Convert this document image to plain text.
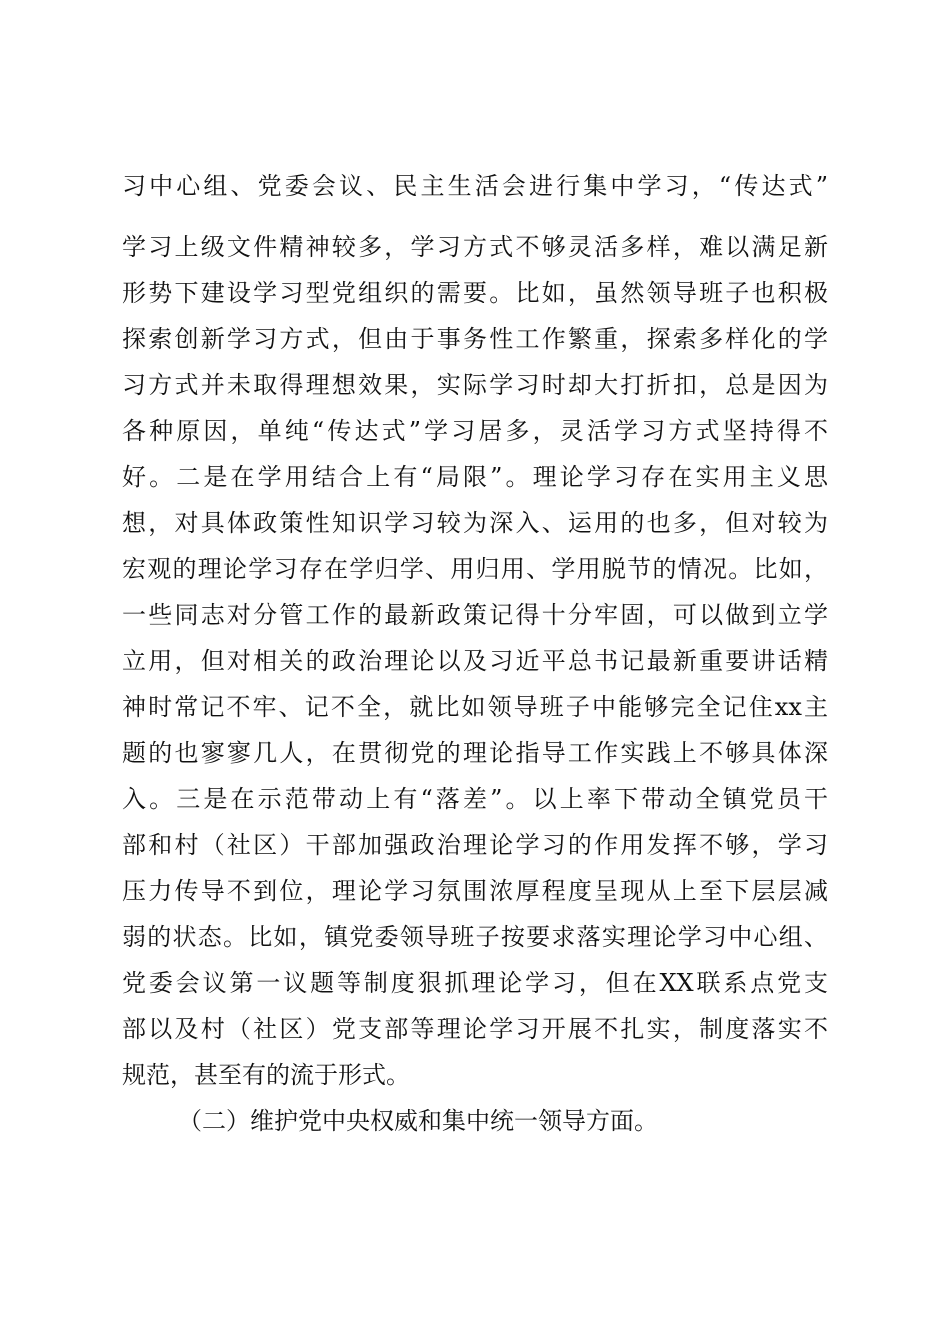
习中心组、党委会议、民主生活会进行集中学习，“传达式”
学习上级文件精神较多，学习方式不够灵活多样，难以满足新
形势下建设学习型党组织的需要。比如，虽然领导班子也积极
探索创新学习方式，但由于事务性工作繁重，探索多样化的学
习方式并未取得理想效果，实际学习时却大打折扣，总是因为
各种原因，单纯“传达式”学习居多，灵活学习方式坚持得不
好。二是在学用结合上有“局限”。理论学习存在实用主义思
想，对具体政策性知识学习较为深入、运用的也多，但对较为
宏观的理论学习存在学归学、用归用、学用脱节的情况。比如，
一些同志对分管工作的最新政策记得十分牢固，可以做到立学
立用，但对相关的政治理论以及习近平总书记最新重要讲话精
神时常记不牢、记不全，就比如领导班子中能够完全记住xx主
题的也寥寥几人，在贯彻党的理论指导工作实践上不够具体深
入。三是在示范带动上有“落差”。以上率下带动全镇党员干
部和村（社区）干部加强政治理论学习的作用发挥不够，学习
压力传导不到位，理论学习氛围浓厚程度呈现从上至下层层减
弱的状态。比如，镇党委领导班子按要求落实理论学习中心组、
党委会议第一议题等制度狠抓理论学习，但在XX联系点党支
部以及村（社区）党支部等理论学习开展不扎实，制度落实不
规范，甚至有的流于形式。
（二）维护党中央权威和集中统一领导方面。
